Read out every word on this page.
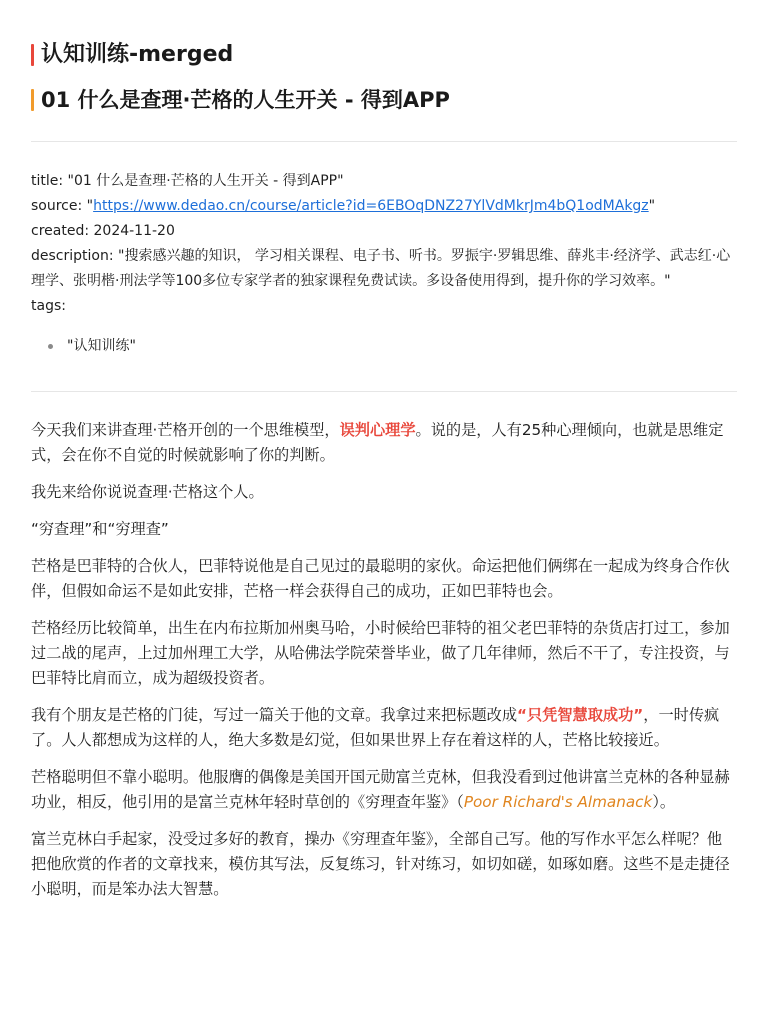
认知训练-merged
01 什么是查理·芒格的人生开关 - 得到APP

title: "01 什么是查理·芒格的人生开关 - 得到APP"

source: "https://www.dedao.cn/course/article?id=6EBOqDNZ27YlVdMkrJm4bQ1odMAkgz"

created: 2024-11-20

description: "搜索感兴趣的知识， 学习相关课程、电子书、听书。罗振宇·罗辑思维、薛兆丰·经济学、武志红·心理学、张明楷·刑法学等100多位专家学者的独家课程免费试读。多设备使用得到，提升你的学习效率。"

tags:

"认知训练"

今天我们来讲查理·芒格开创的一个思维模型，误判心理学。说的是，人有25种心理倾向，也就是思维定式，会在你不自觉的时候就影响了你的判断。

我先来给你说说查理·芒格这个人。

“穷查理”和“穷理查”

芒格是巴菲特的合伙人，巴菲特说他是自己见过的最聪明的家伙。命运把他们俩绑在一起成为终身合作伙伴，但假如命运不是如此安排，芒格一样会获得自己的成功，正如巴菲特也会。

芒格经历比较简单，出生在内布拉斯加州奥马哈，小时候给巴菲特的祖父老巴菲特的杂货店打过工，参加过二战的尾声，上过加州理工大学，从哈佛法学院荣誉毕业，做了几年律师，然后不干了，专注投资，与巴菲特比肩而立，成为超级投资者。

我有个朋友是芒格的门徒，写过一篇关于他的文章。我拿过来把标题改成“只凭智慧取成功”，一时传疯了。人人都想成为这样的人，绝大多数是幻觉，但如果世界上存在着这样的人，芒格比较接近。

芒格聪明但不靠小聪明。他服膺的偶像是美国开国元勋富兰克林，但我没看到过他讲富兰克林的各种显赫功业，相反，他引用的是富兰克林年轻时草创的《穷理查年鉴》（Poor Richard's Almanack）。

富兰克林白手起家，没受过多好的教育，操办《穷理查年鉴》，全部自己写。他的写作水平怎么样呢？他把他欣赏的作者的文章找来，模仿其写法，反复练习，针对练习，如切如磋，如琢如磨。这些不是走捷径小聪明，而是笨办法大智慧。
